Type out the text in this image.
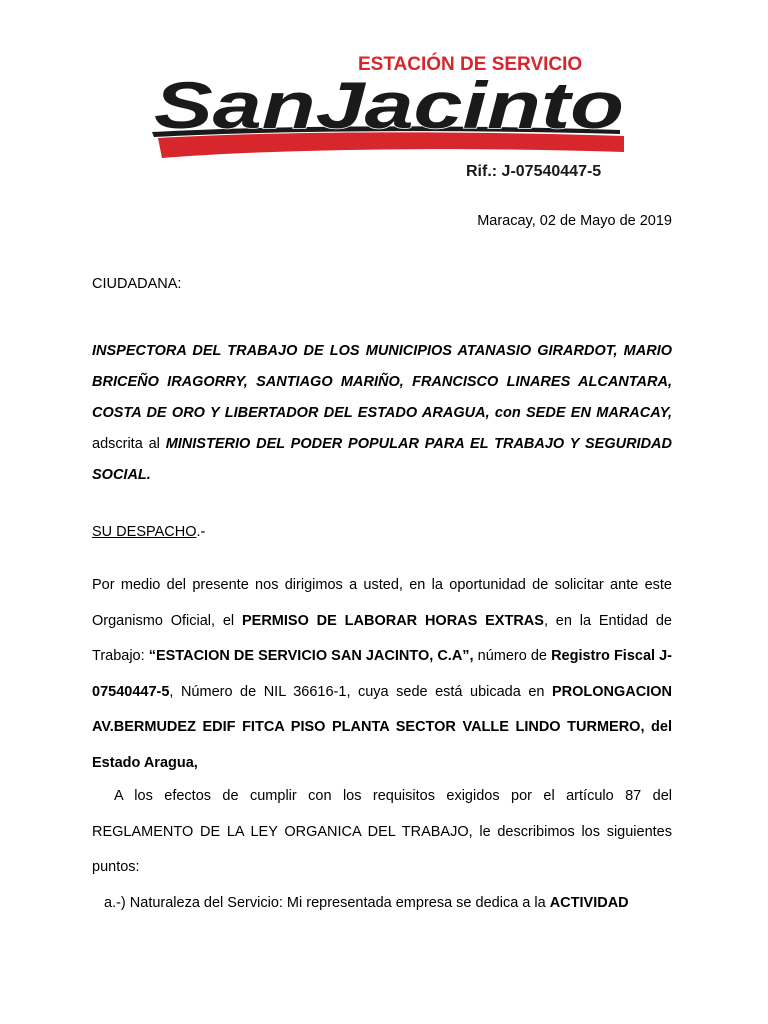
ESTACIÓN DE SERVICIO
SanJacinto
Rif.: J-07540447-5
Maracay, 02 de Mayo de 2019
CIUDADANA:
INSPECTORA DEL TRABAJO DE LOS MUNICIPIOS ATANASIO GIRARDOT, MARIO BRICEÑO IRAGORRY, SANTIAGO MARIÑO, FRANCISCO LINARES ALCANTARA, COSTA DE ORO Y LIBERTADOR DEL ESTADO ARAGUA, con SEDE EN MARACAY, adscrita al MINISTERIO DEL PODER POPULAR PARA EL TRABAJO Y SEGURIDAD SOCIAL.
SU DESPACHO.-
Por medio del presente nos dirigimos a usted, en la oportunidad de solicitar ante este Organismo Oficial, el PERMISO DE LABORAR HORAS EXTRAS, en la Entidad de Trabajo: “ESTACION DE SERVICIO SAN JACINTO, C.A”, número de Registro Fiscal J-07540447-5, Número de NIL 36616-1, cuya sede está ubicada en PROLONGACION AV.BERMUDEZ EDIF FITCA PISO PLANTA SECTOR VALLE LINDO TURMERO, del Estado Aragua,
A los efectos de cumplir con los requisitos exigidos por el artículo 87 del REGLAMENTO DE LA LEY ORGANICA DEL TRABAJO, le describimos los siguientes puntos:
a.-) Naturaleza del Servicio: Mi representada empresa se dedica a la ACTIVIDAD
